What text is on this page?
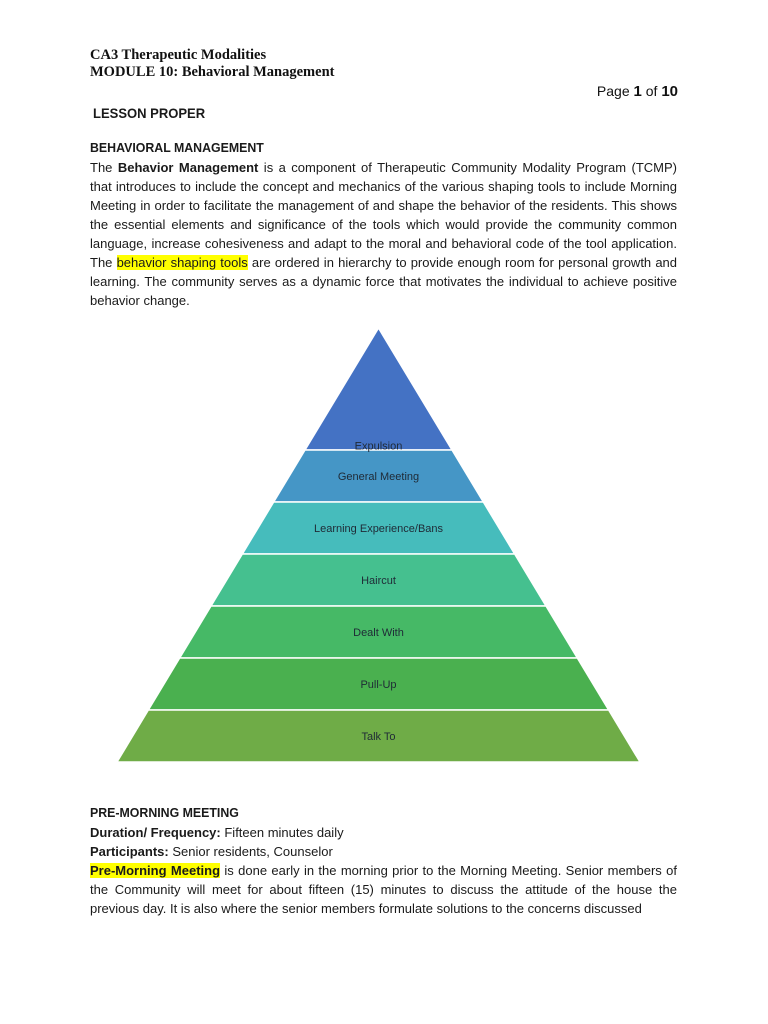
CA3 Therapeutic Modalities
MODULE 10: Behavioral Management
Page 1 of 10
LESSON PROPER
BEHAVIORAL MANAGEMENT
The Behavior Management is a component of Therapeutic Community Modality Program (TCMP) that introduces to include the concept and mechanics of the various shaping tools to include Morning Meeting in order to facilitate the management of and shape the behavior of the residents. This shows the essential elements and significance of the tools which would provide the community common language, increase cohesiveness and adapt to the moral and behavioral code of the tool application. The behavior shaping tools are ordered in hierarchy to provide enough room for personal growth and learning. The community serves as a dynamic force that motivates the individual to achieve positive behavior change.
Expulsion
General Meeting
Learning Experience/Bans
Haircut
Dealt With
Pull-Up
Talk To
PRE-MORNING MEETING
Duration/ Frequency: Fifteen minutes daily
Participants: Senior residents, Counselor
Pre-Morning Meeting is done early in the morning prior to the Morning Meeting. Senior members of the Community will meet for about fifteen (15) minutes to discuss the attitude of the house the previous day. It is also where the senior members formulate solutions to the concerns discussed
